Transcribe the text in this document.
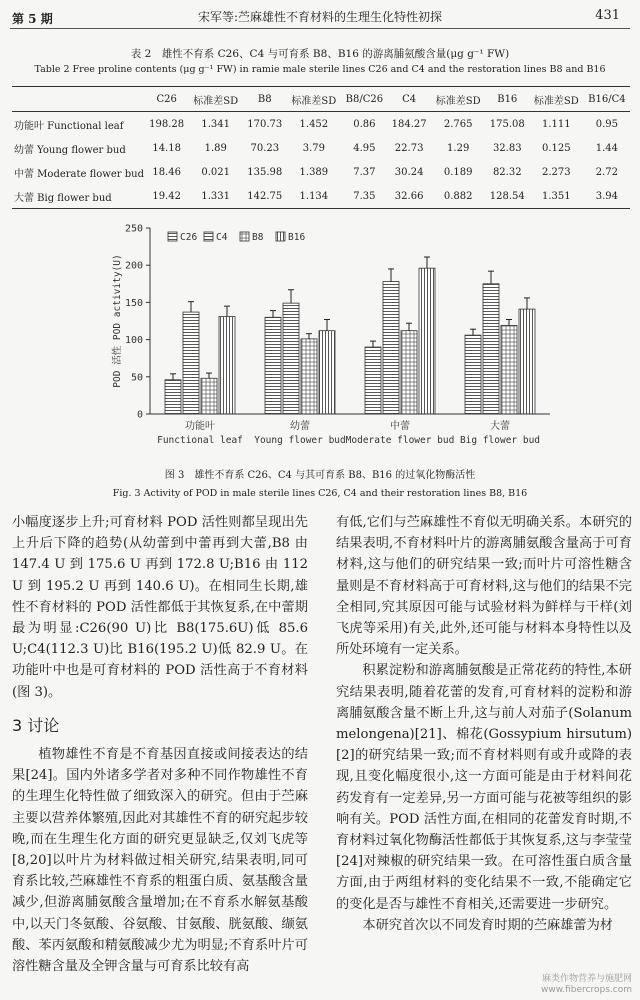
第 5 期	宋军等:苎麻雄性不育材料的生理生化特性初探	431
表 2　雄性不育系 C26、C4 与可育系 B8、B16 的游离脯氨酸含量(μg g⁻¹ FW)
Table 2 Free proline contents (μg g⁻¹ FW) in ramie male sterile lines C26 and C4 and the restoration lines B8 and B16
	C26	标准差SD	B8	标准差SD	B8/C26	C4	标准差SD	B16	标准差SD	B16/C4
功能叶 Functional leaf	198.28	1.341	170.73	1.452	0.86	184.27	2.765	175.08	1.111	0.95
幼蕾 Young flower bud	14.18	1.89	70.23	3.79	4.95	22.73	1.29	32.83	0.125	1.44
中蕾 Moderate flower bud	18.46	0.021	135.98	1.389	7.37	30.24	0.189	82.32	2.273	2.72
大蕾 Big flower bud	19.42	1.331	142.75	1.134	7.35	32.66	0.882	128.54	1.351	3.94
0
50
100
150
200
250
POD 活性 POD activity(U)
功能叶
Functional leaf
幼蕾
Young flower bud
中蕾
Moderate flower bud
大蕾
Big flower bud
C26 C4	B8	B16
图 3　雄性不育系 C26、C4 与其可育系 B8、B16 的过氧化物酶活性
Fig. 3 Activity of POD in male sterile lines C26, C4 and their restoration lines B8, B16

小幅度逐步上升;可育材料 POD 活性则都呈现出先上升后下降的趋势(从幼蕾到中蕾再到大蕾,B8 由 147.4 U 到 175.6 U 再到 172.8 U;B16 由 112 U 到 195.2 U 再到 140.6 U)。在相同生长期,雄性不育材料的 POD 活性都低于其恢复系,在中蕾期最为明显:C26(90 U)比 B8(175.6U)低 85.6 U;C4(112.3 U)比 B16(195.2 U)低 82.9 U。在功能叶中也是可育材料的 POD 活性高于不育材料(图 3)。

3 讨论

植物雄性不育是不育基因直接或间接表达的结果[24]。国内外诸多学者对多种不同作物雄性不育的生理生化特性做了细致深入的研究。但由于苎麻主要以营养体繁殖,因此对其雄性不育的研究起步较晚,而在生理生化方面的研究更显缺乏,仅刘飞虎等[8,20]以叶片为材料做过相关研究,结果表明,同可育系比较,苎麻雄性不育系的粗蛋白质、氨基酸含量减少,但游离脯氨酸含量增加;在不育系水解氨基酸中,以天门冬氨酸、谷氨酸、甘氨酸、胱氨酸、缬氨酸、苯丙氨酸和精氨酸减少尤为明显;不育系叶片可溶性糖含量及全钾含量与可育系比较有高

有低,它们与苎麻雄性不育似无明确关系。本研究的结果表明,不育材料叶片的游离脯氨酸含量高于可育材料,这与他们的研究结果一致;而叶片可溶性糖含量则是不育材料高于可育材料,这与他们的结果不完全相同,究其原因可能与试验材料为鲜样与干样(刘飞虎等采用)有关,此外,还可能与材料本身特性以及所处环境有一定关系。

积累淀粉和游离脯氨酸是正常花药的特性,本研究结果表明,随着花蕾的发育,可育材料的淀粉和游离脯氨酸含量不断上升,这与前人对茄子(Solanum melongena)[21]、棉花(Gossypium hirsutum)[2]的研究结果一致;而不育材料则有或升或降的表现,且变化幅度很小,这一方面可能是由于材料间花药发育有一定差异,另一方面可能与花被等组织的影响有关。POD 活性方面,在相同的花蕾发育时期,不育材料过氧化物酶活性都低于其恢复系,这与李莹莹[24]对辣椒的研究结果一致。在可溶性蛋白质含量方面,由于两组材料的变化结果不一致,不能确定它的变化是否与雄性不育相关,还需要进一步研究。

本研究首次以不同发育时期的苎麻雄蕾为材

麻类作物营养与施肥网
www.fibercrops.com
